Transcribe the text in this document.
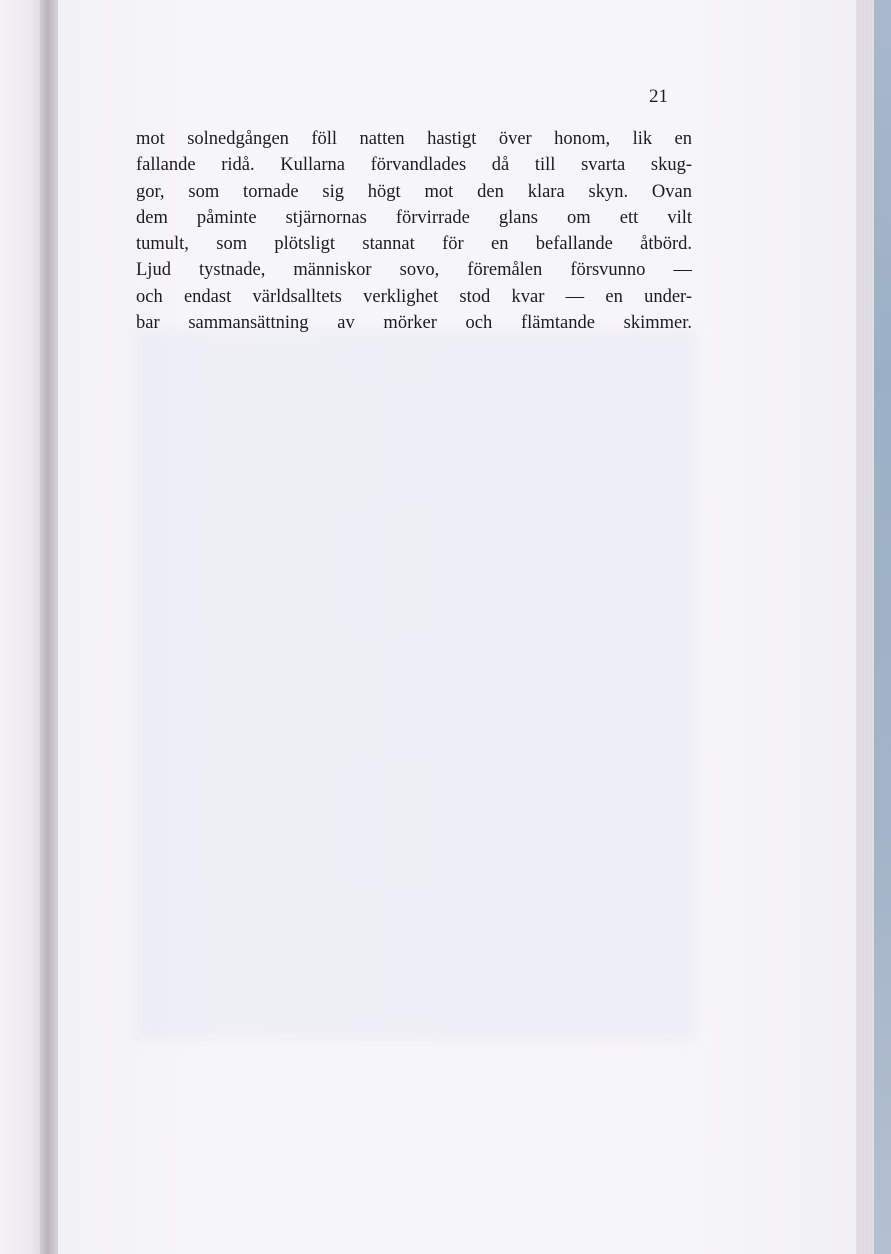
21
mot solnedgången föll natten hastigt över honom, lik en
fallande ridå. Kullarna förvandlades då till svarta skug-
gor, som tornade sig högt mot den klara skyn. Ovan
dem påminte stjärnornas förvirrade glans om ett vilt
tumult, som plötsligt stannat för en befallande åtbörd.
Ljud tystnade, människor sovo, föremålen försvunno —
och endast världsalltets verklighet stod kvar — en under-
bar sammansättning av mörker och flämtande skimmer.
